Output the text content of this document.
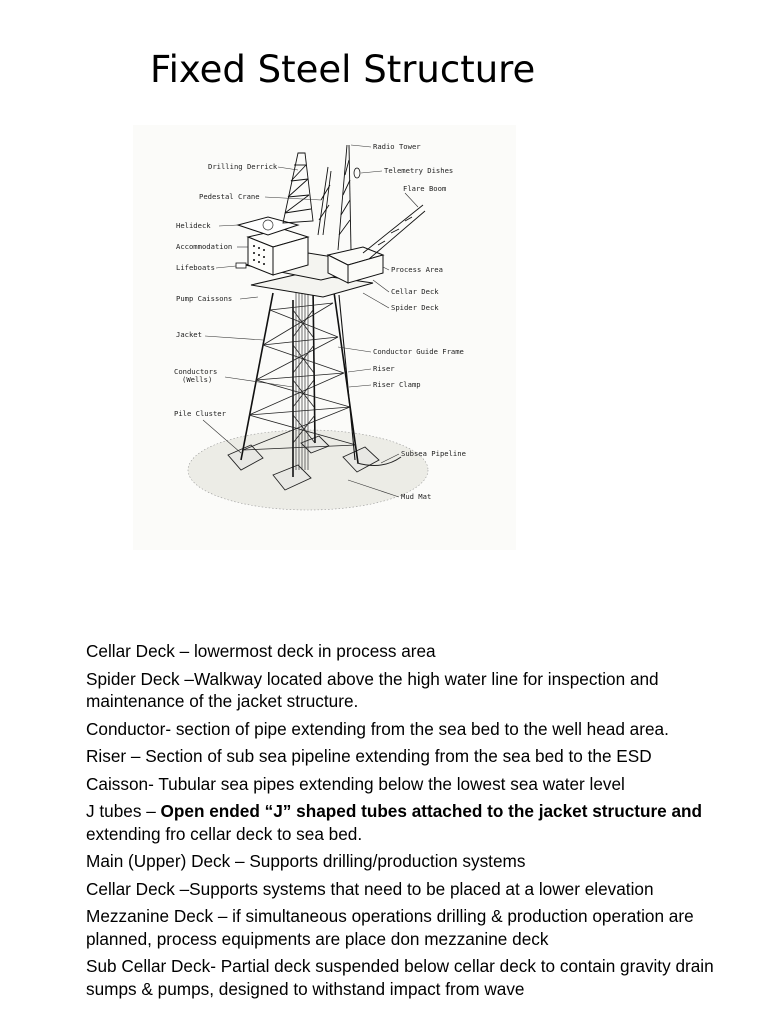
Fixed Steel Structure
Radio Tower
Drilling Derrick	Telemetry Dishes
Flare Boom
Pedestal Crane
Helideck
Accommodation
Lifeboats	Process Area
Cellar Deck
Pump Caissons
Spider Deck
Jacket
Conductor Guide Frame
Conductors
(Wells)
Riser
Riser Clamp
Pile Cluster
Subsea Pipeline
Mud Mat
Cellar Deck – lowermost deck in process area
Spider Deck –Walkway located above the high water line for inspection and maintenance of the jacket structure.
Conductor- section of pipe extending from the sea bed to the well head area.
Riser – Section of sub sea pipeline extending from the sea bed to the ESD
Caisson- Tubular sea pipes extending below the lowest sea water level
J tubes – Open ended “J” shaped tubes attached to the jacket structure and extending fro cellar deck to sea bed.
Main (Upper) Deck – Supports drilling/production systems
Cellar Deck –Supports systems that need to be placed at a lower elevation
Mezzanine Deck – if simultaneous operations drilling & production operation are planned, process equipments are place don mezzanine deck
Sub Cellar Deck- Partial deck suspended below cellar deck to contain gravity drain sumps & pumps, designed to withstand impact from wave
